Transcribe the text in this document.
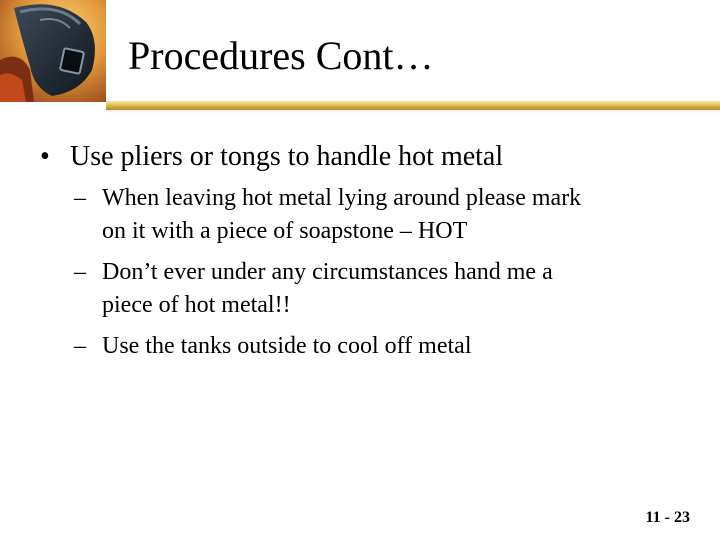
Procedures Cont…
• Use pliers or tongs to handle hot metal
– When leaving hot metal lying around please mark
on it with a piece of soapstone – HOT
– Don’t ever under any circumstances hand me a
piece of hot metal!!
– Use the tanks outside to cool off metal
11 - 23
